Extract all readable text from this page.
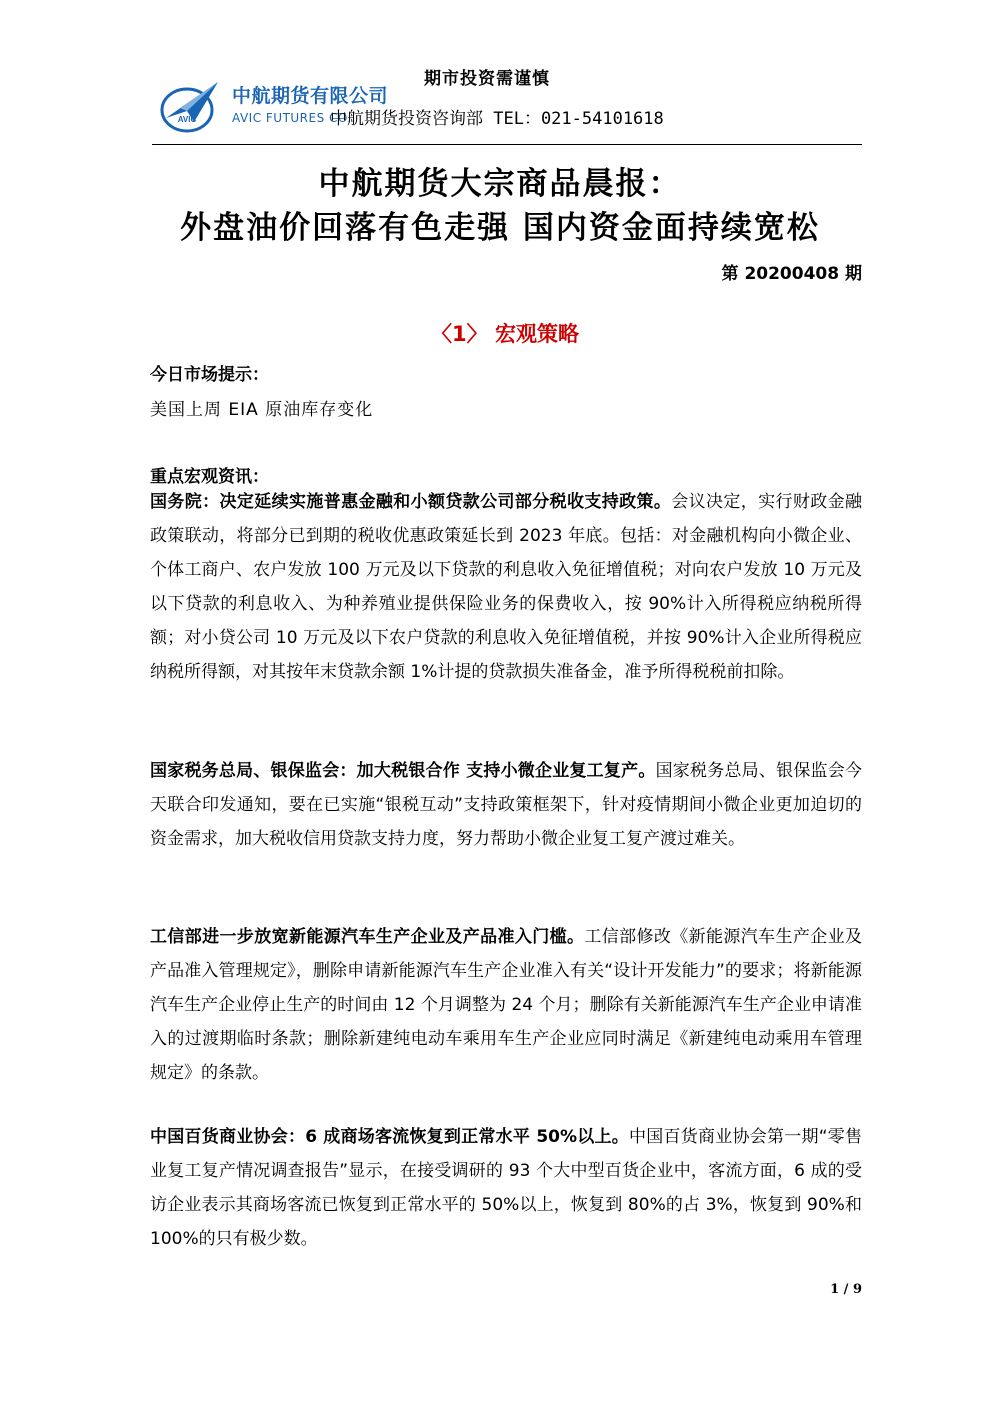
AVIC
中航期货有限公司
AVIC FUTURES CO.
期市投资需谨慎
中航期货投资咨询部 TEL：021-54101618
中航期货大宗商品晨报：
外盘油价回落有色走强 国内资金面持续宽松
第 20200408 期
〈1〉 宏观策略
今日市场提示：
美国上周 EIA 原油库存变化
重点宏观资讯：

国务院：决定延续实施普惠金融和小额贷款公司部分税收支持政策。会议决定，实行财政金融政策联动，将部分已到期的税收优惠政策延长到 2023 年底。包括：对金融机构向小微企业、个体工商户、农户发放 100 万元及以下贷款的利息收入免征增值税；对向农户发放 10 万元及以下贷款的利息收入、为种养殖业提供保险业务的保费收入，按 90%计入所得税应纳税所得额；对小贷公司 10 万元及以下农户贷款的利息收入免征增值税，并按 90%计入企业所得税应纳税所得额，对其按年末贷款余额 1%计提的贷款损失准备金，准予所得税税前扣除。

国家税务总局、银保监会：加大税银合作 支持小微企业复工复产。国家税务总局、银保监会今天联合印发通知，要在已实施“银税互动”支持政策框架下，针对疫情期间小微企业更加迫切的资金需求，加大税收信用贷款支持力度，努力帮助小微企业复工复产渡过难关。

工信部进一步放宽新能源汽车生产企业及产品准入门槛。工信部修改《新能源汽车生产企业及产品准入管理规定》，删除申请新能源汽车生产企业准入有关“设计开发能力”的要求；将新能源汽车生产企业停止生产的时间由 12 个月调整为 24 个月；删除有关新能源汽车生产企业申请准入的过渡期临时条款；删除新建纯电动车乘用车生产企业应同时满足《新建纯电动乘用车管理规定》的条款。

中国百货商业协会：6 成商场客流恢复到正常水平 50%以上。中国百货商业协会第一期“零售业复工复产情况调查报告”显示，在接受调研的 93 个大中型百货企业中，客流方面，6 成的受访企业表示其商场客流已恢复到正常水平的 50%以上，恢复到 80%的占 3%，恢复到 90%和 100%的只有极少数。

1 / 9
